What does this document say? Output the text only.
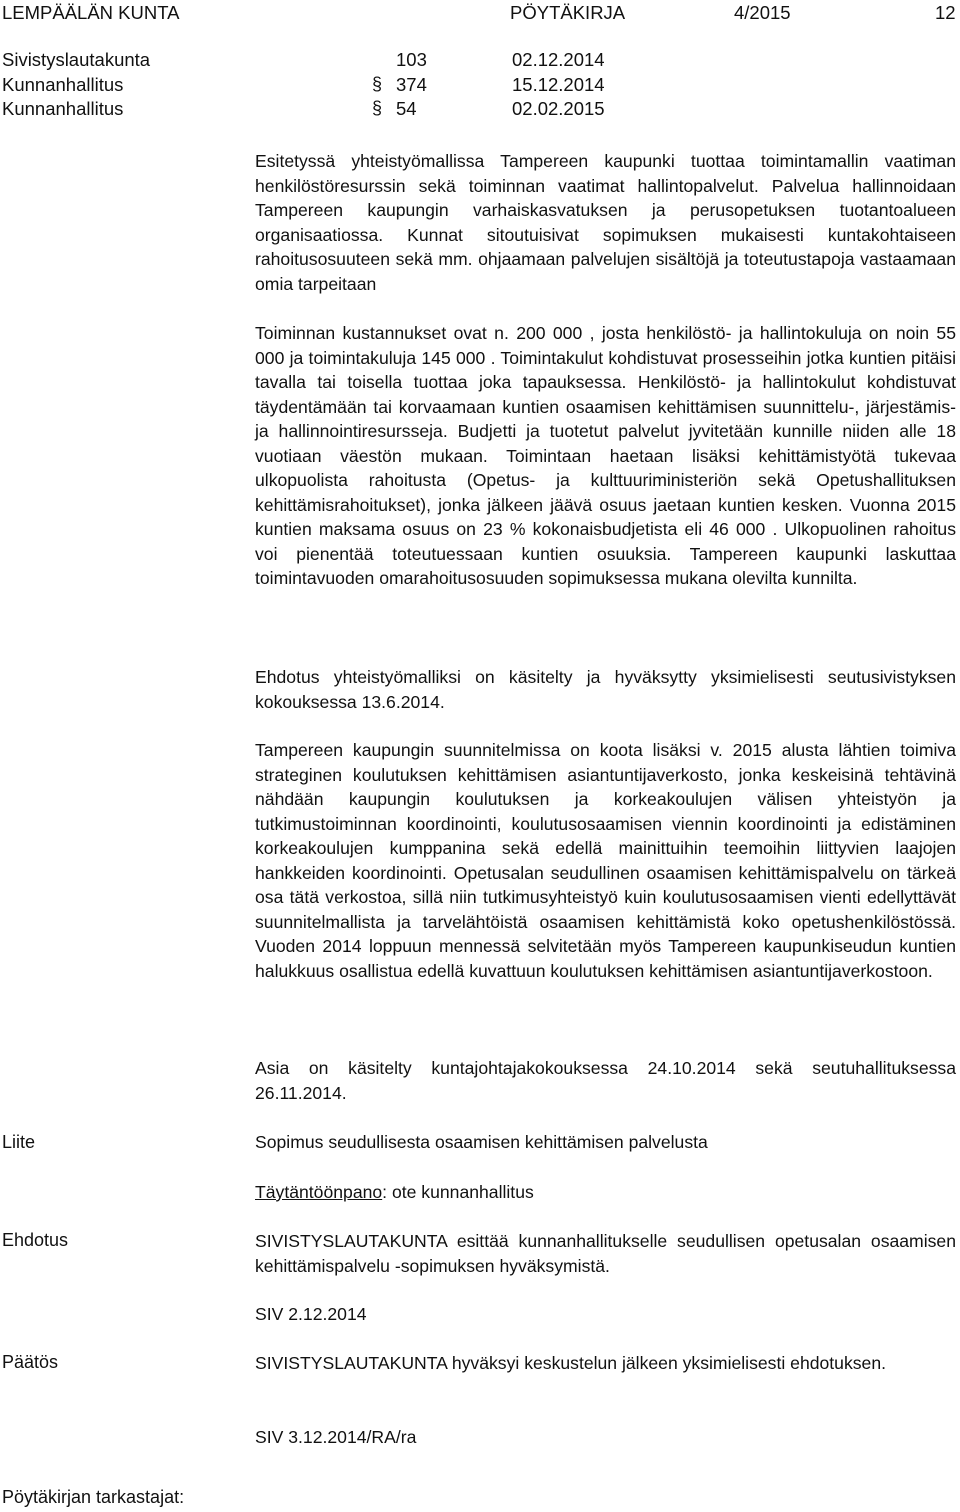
LEMPÄÄLÄN KUNTA	PÖYTÄKIRJA	4/2015	12
Sivistyslautakunta	103	02.12.2014
Kunnanhallitus	§ 374	15.12.2014
Kunnanhallitus	§ 54	02.02.2015

Esitetyssä yhteistyömallissa Tampereen kaupunki tuottaa toimintamallin vaatiman henkilöstöresurssin sekä toiminnan vaatimat hallintopalvelut. Palvelua hallinnoidaan Tampereen kaupungin varhaiskasvatuksen ja perusopetuksen tuotantoalueen organisaatiossa. Kunnat sitoutuisivat sopimuksen mukaisesti kuntakohtaiseen rahoitusosuuteen sekä mm. ohjaamaan palvelujen sisältöjä ja toteutustapoja vastaamaan omia tarpeitaan

Toiminnan kustannukset ovat n. 200 000 , josta henkilöstö- ja hallintokuluja on noin 55 000 ja toimintakuluja 145 000 . Toimintakulut kohdistuvat prosesseihin jotka kuntien pitäisi tavalla tai toisella tuottaa joka tapauksessa. Henkilöstö- ja hallintokulut kohdistuvat täydentämään tai korvaamaan kuntien osaamisen kehittämisen suunnittelu-, järjestämis- ja hallinnointiresursseja. Budjetti ja tuotetut palvelut jyvitetään kunnille niiden alle 18 vuotiaan väestön mukaan. Toimintaan haetaan lisäksi kehittämistyötä tukevaa ulkopuolista rahoitusta (Opetus- ja kulttuuriministeriön sekä Opetushallituksen kehittämisrahoitukset), jonka jälkeen jäävä osuus jaetaan kuntien kesken. Vuonna 2015 kuntien maksama osuus on 23 % kokonaisbudjetista eli 46 000 . Ulkopuolinen rahoitus voi pienentää toteutuessaan kuntien osuuksia. Tampereen kaupunki laskuttaa toimintavuoden omarahoitusosuuden sopimuksessa mukana olevilta kunnilta.

Ehdotus yhteistyömalliksi on käsitelty ja hyväksytty yksimielisesti seutusivistyksen kokouksessa 13.6.2014.

Tampereen kaupungin suunnitelmissa on koota lisäksi v. 2015 alusta lähtien toimiva strateginen koulutuksen kehittämisen asiantuntijaverkosto, jonka keskeisinä tehtävinä nähdään kaupungin koulutuksen ja korkeakoulujen välisen yhteistyön ja tutkimustoiminnan koordinointi, koulutusosaamisen viennin koordinointi ja edistäminen korkeakoulujen kumppanina sekä edellä mainittuihin teemoihin liittyvien laajojen hankkeiden koordinointi. Opetusalan seudullinen osaamisen kehittämispalvelu on tärkeä osa tätä verkostoa, sillä niin tutkimusyhteistyö kuin koulutusosaamisen vienti edellyttävät suunnitelmallista ja tarvelähtöistä osaamisen kehittämistä koko opetushenkilöstössä. Vuoden 2014 loppuun mennessä selvitetään myös Tampereen kaupunkiseudun kuntien halukkuus osallistua edellä kuvattuun koulutuksen kehittämisen asiantuntijaverkostoon.

Asia on käsitelty kuntajohtajakokouksessa 24.10.2014 sekä seutuhallituksessa 26.11.2014.

Liite	Sopimus seudullisesta osaamisen kehittämisen palvelusta
Täytäntöönpano: ote kunnanhallitus
Ehdotus	SIVISTYSLAUTAKUNTA esittää kunnanhallitukselle seudullisen opetusalan osaamisen kehittämispalvelu -sopimuksen hyväksymistä.

SIV 2.12.2014
Päätös	SIVISTYSLAUTAKUNTA hyväksyi keskustelun jälkeen yksimielisesti ehdotuksen.

SIV 3.12.2014/RA/ra
Pöytäkirjan tarkastajat:
